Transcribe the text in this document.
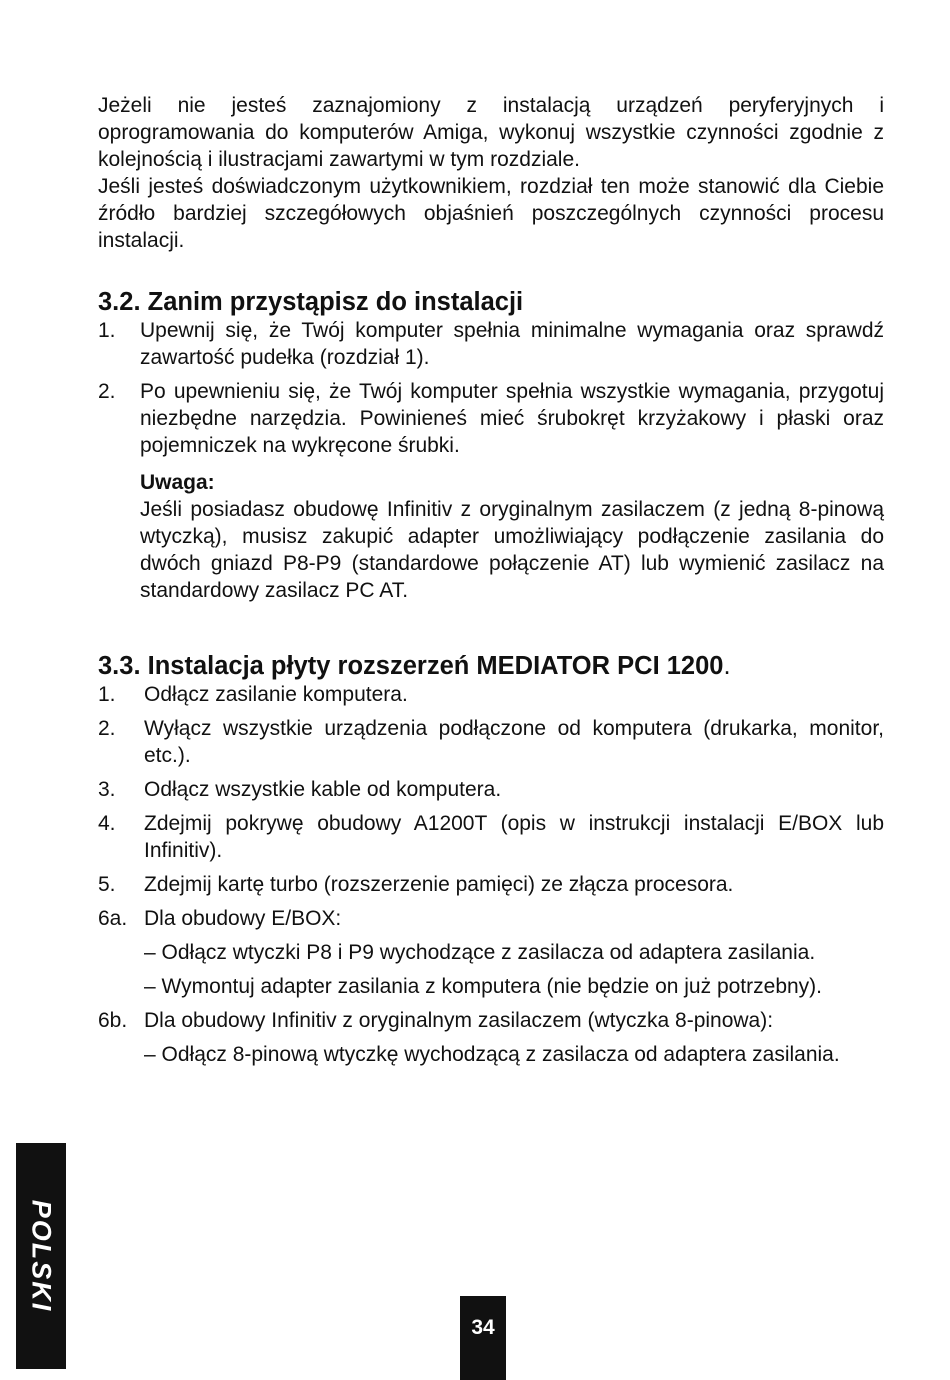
Jeżeli nie jesteś zaznajomiony z instalacją urządzeń peryferyjnych i oprogramowania do komputerów Amiga, wykonuj wszystkie czynności zgodnie z kolejnością i ilustracjami zawartymi w tym rozdziale.

Jeśli jesteś doświadczonym użytkownikiem, rozdział ten może stanowić dla Ciebie źródło bardziej szczegółowych objaśnień poszczególnych czynności procesu instalacji.

3.2. Zanim przystąpisz do instalacji
1. Upewnij się, że Twój komputer spełnia minimalne wymagania oraz sprawdź zawartość pudełka (rozdział 1).
2. Po upewnieniu się, że Twój komputer spełnia wszystkie wymagania, przygotuj niezbędne narzędzia. Powinieneś mieć śrubokręt krzyżakowy i płaski oraz pojemniczek na wykręcone śrubki.

Uwaga:

Jeśli posiadasz obudowę Infinitiv z oryginalnym zasilaczem (z jedną 8-pinową wtyczką), musisz zakupić adapter umożliwiający podłączenie zasilania do dwóch gniazd P8-P9 (standardowe połączenie AT) lub wymienić zasilacz na standardowy zasilacz PC AT.

3.3. Instalacja płyty rozszerzeń MEDIATOR PCI 1200.
1. Odłącz zasilanie komputera.
2. Wyłącz wszystkie urządzenia podłączone od komputera (drukarka, monitor, etc.).
3. Odłącz wszystkie kable od komputera.
4. Zdejmij pokrywę obudowy A1200T (opis w instrukcji instalacji E/BOX lub Infinitiv).
5. Zdejmij kartę turbo (rozszerzenie pamięci) ze złącza procesora.
6a. Dla obudowy E/BOX:
– Odłącz wtyczki P8 i P9 wychodzące z zasilacza od adaptera zasilania.
– Wymontuj adapter zasilania z komputera (nie będzie on już potrzebny).
6b. Dla obudowy Infinitiv z oryginalnym zasilaczem (wtyczka 8-pinowa):
– Odłącz 8-pinową wtyczkę wychodzącą z zasilacza od adaptera zasilania.
POLSKI
34
